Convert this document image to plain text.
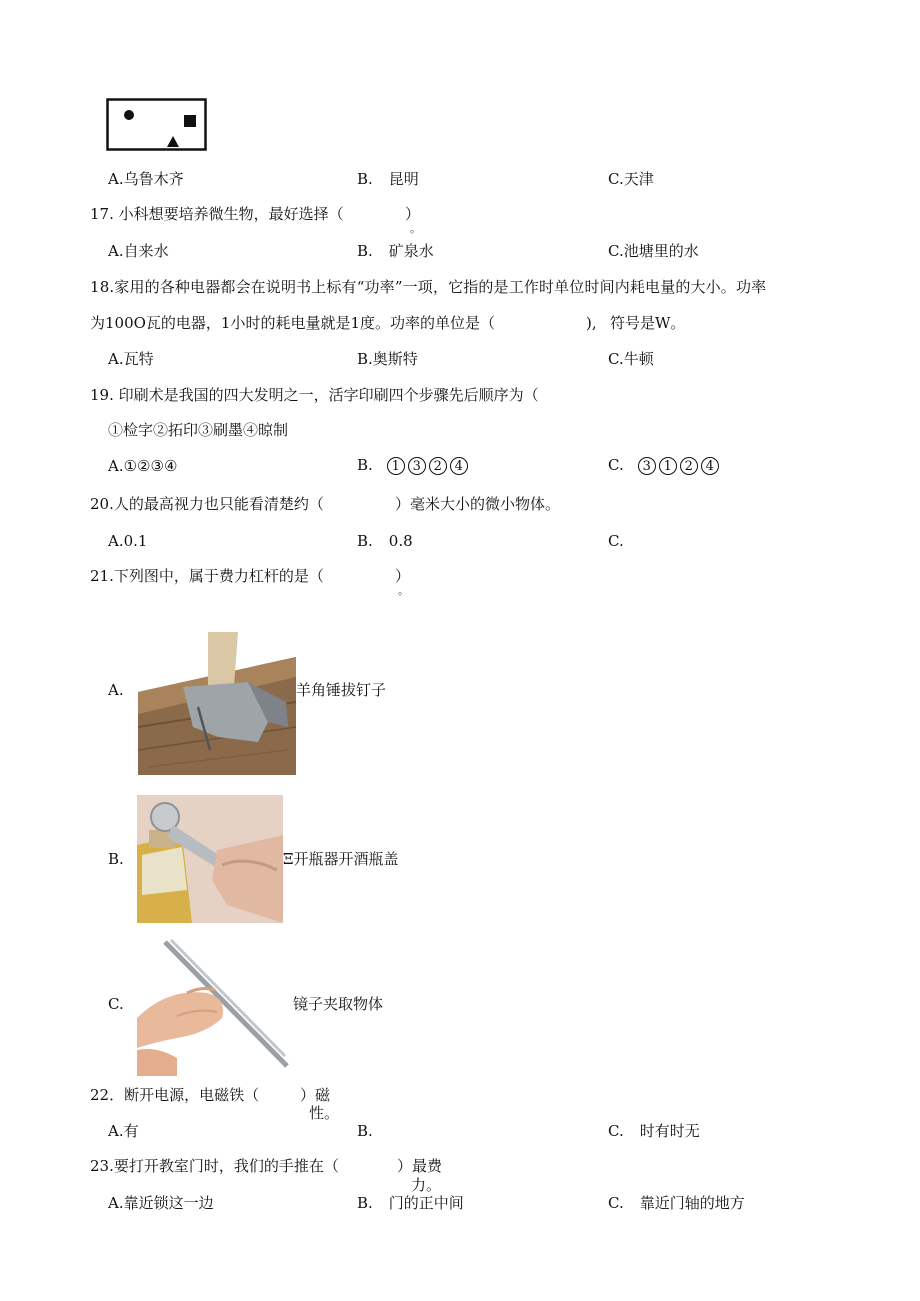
A.乌鲁木齐	B. 昆明	C.天津
17. 小科想要培养微生物，最好选择（	）
。
A.自来水	B. 矿泉水	C.池塘里的水
18.家用的各种电器都会在说明书上标有“功率”一项，它指的是工作时单位时间内耗电量的大小。功率
为100O瓦的电器，1小时的耗电量就是1度。功率的单位是（	), 符号是W。
A.瓦特	B.奥斯特	C.牛顿
19. 印刷术是我国的四大发明之一，活字印刷四个步骤先后顺序为（
①检字②拓印③刷墨④晾制
A.①②③④	B. 1 3 2 4	C. 3 1 2 4
20.人的最高视力也只能看清楚约（	）毫米大小的微小物体。
A.0.1	B. 0.8	C.
21.下列图中，属于费力杠杆的是（	）
。
A.	羊角锤拔钉子
B.	Ξ开瓶器开酒瓶盖
C.	镜子夹取物体
22．断开电源，电磁铁（	）磁
性。
A.有	B.	C. 时有时无
23.要打开教室门时，我们的手推在（	）最费
力。
A.靠近锁这一边	B. 门的正中间	C. 靠近门轴的地方
